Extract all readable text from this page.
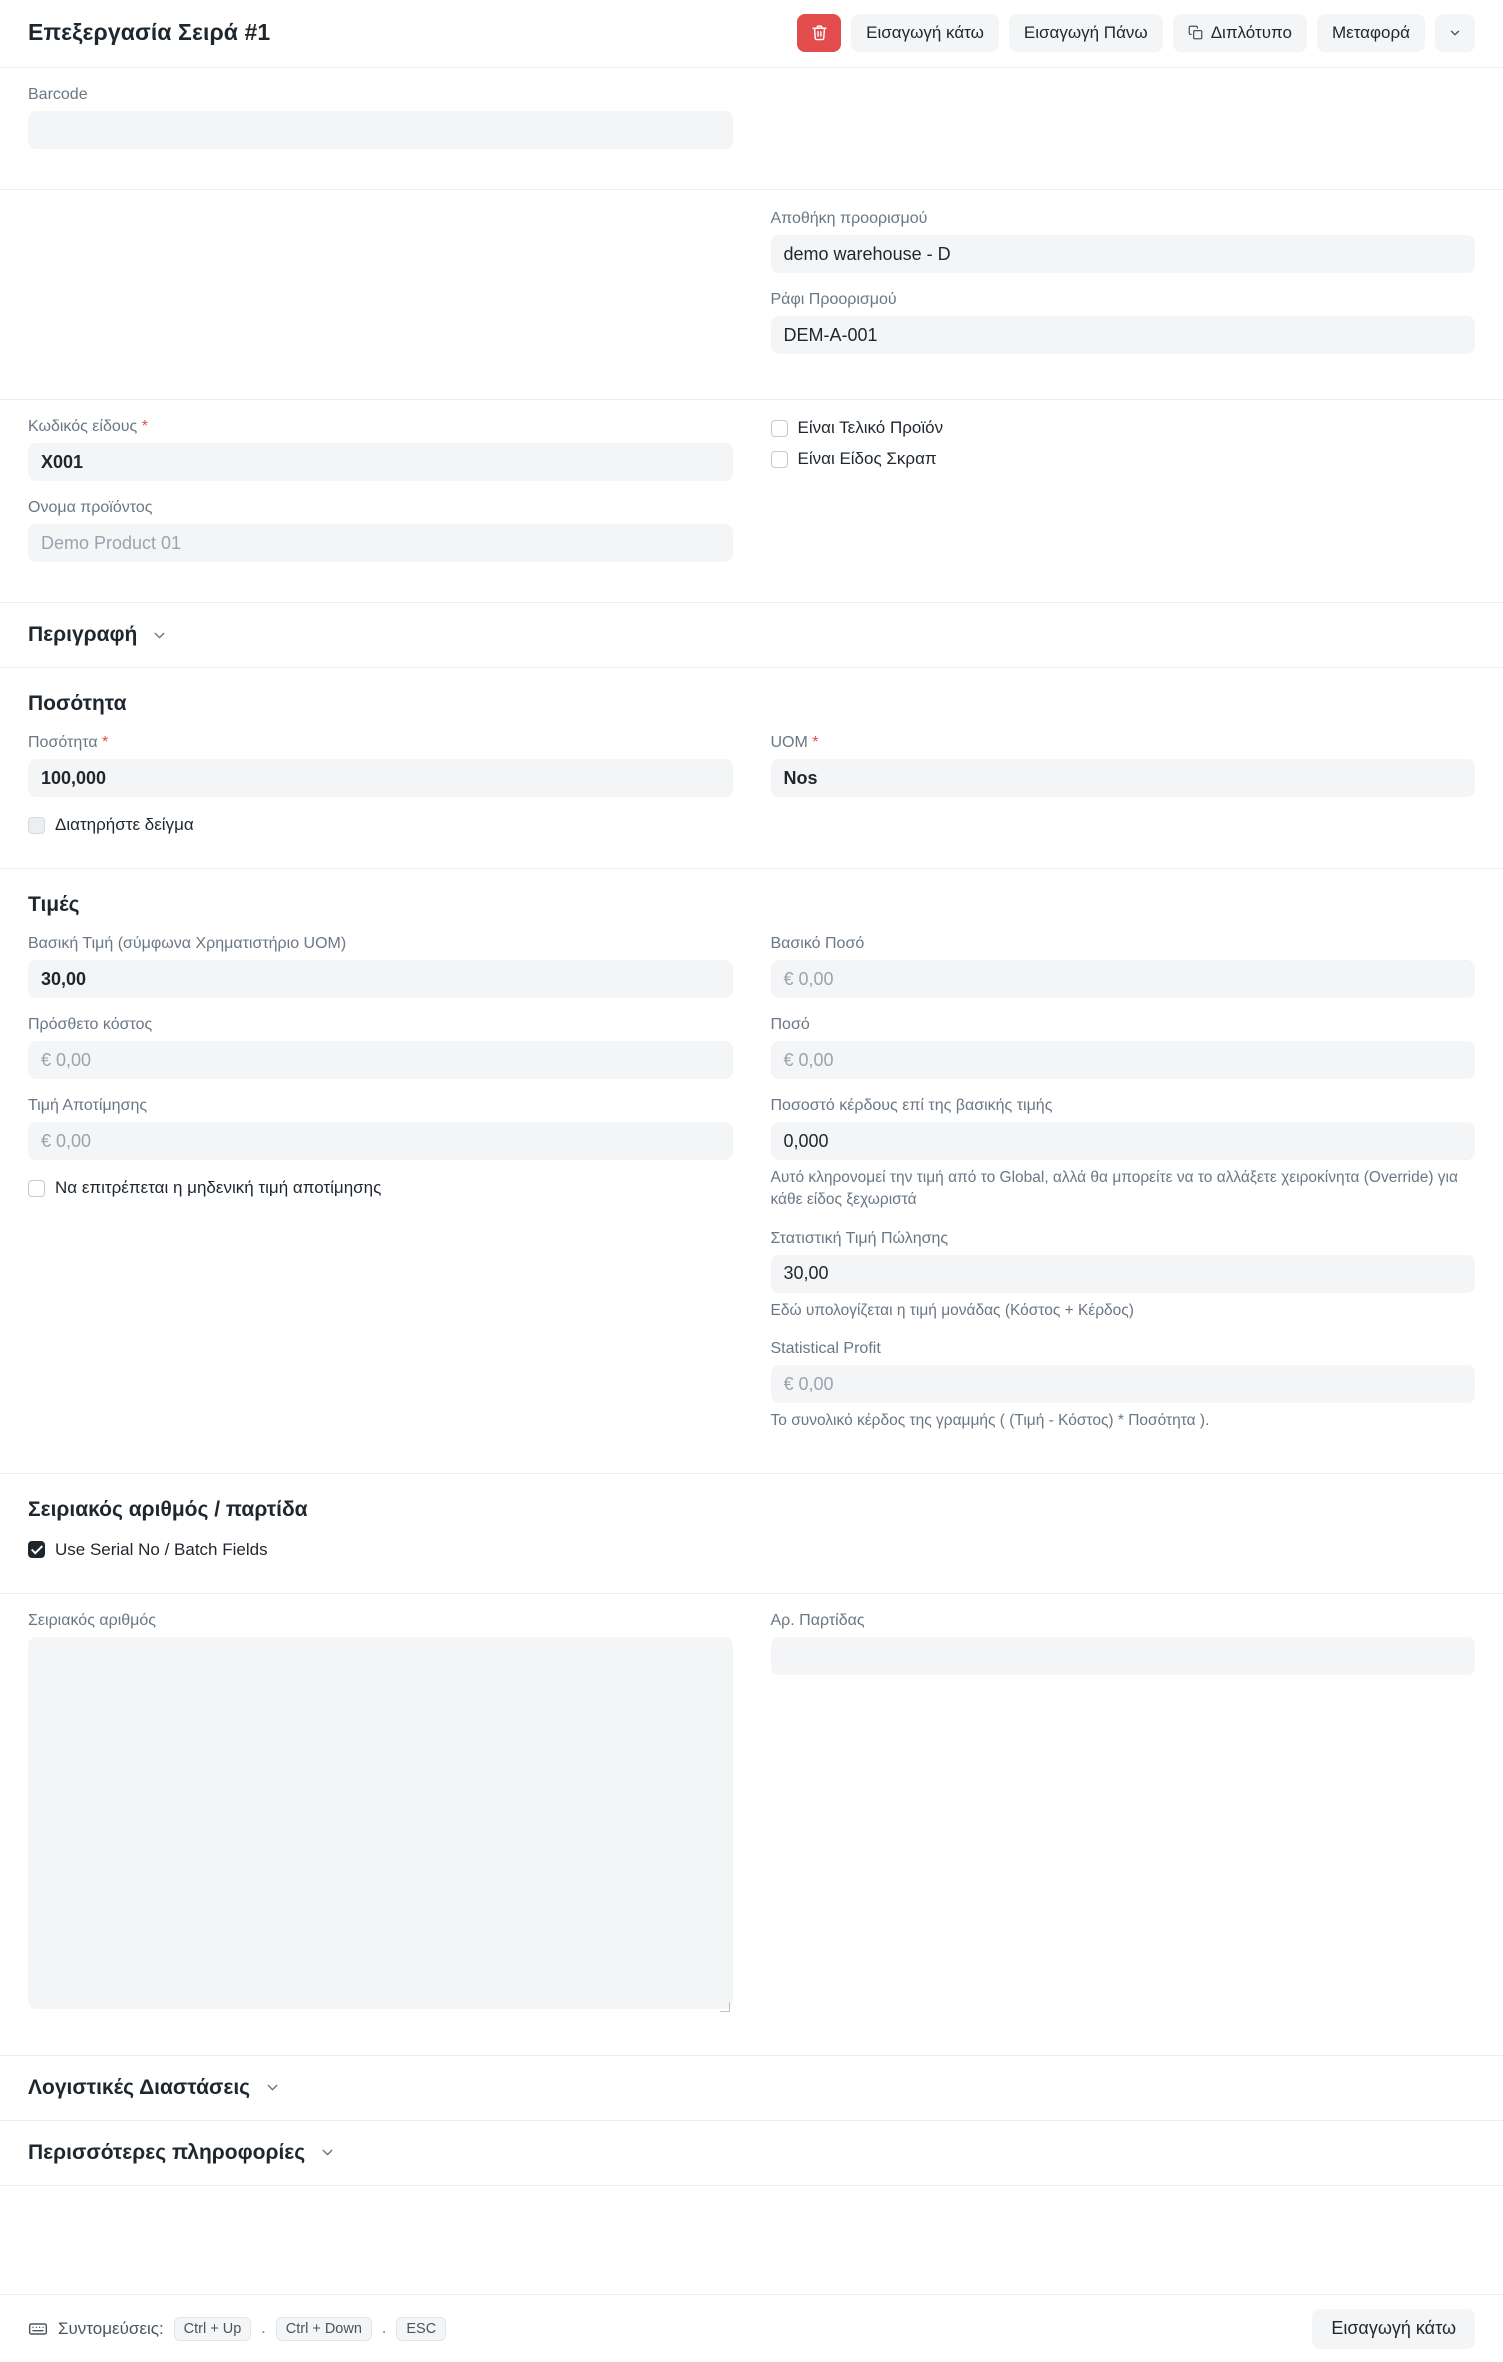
Επεξεργασία Σειρά #1	Εισαγωγή κάτω Εισαγωγή Πάνω	Διπλότυπο Μεταφορά
Barcode
Αποθήκη προορισμού
demo warehouse - D
Ράφι Προορισμού
DEM-A-001
Κωδικός είδους *
X001
Ονομα προϊόντος
Demo Product 01
Είναι Τελικό Προϊόν
Είναι Είδος Σκραπ
Περιγραφή
Ποσότητα
Ποσότητα *
100,000
Διατηρήστε δείγμα
UOM *
Nos
Τιμές
Βασική Τιμή (σύμφωνα Χρηματιστήριο UOM)
30,00
Πρόσθετο κόστος
€ 0,00
Τιμή Αποτίμησης
€ 0,00
Να επιτρέπεται η μηδενική τιμή αποτίμησης
Βασικό Ποσό
€ 0,00
Ποσό
€ 0,00
Ποσοστό κέρδους επί της βασικής τιμής
0,000
Αυτό κληρονομεί την τιμή από το Global, αλλά θα μπορείτε να το αλλάξετε χειροκίνητα (Override) για κάθε είδος ξεχωριστά
Στατιστική Τιμή Πώλησης
30,00
Εδώ υπολογίζεται η τιμή μονάδας (Κόστος + Κέρδος)
Statistical Profit
€ 0,00
Το συνολικό κέρδος της γραμμής ( (Τιμή - Κόστος) * Ποσότητα ).
Σειριακός αριθμός / παρτίδα
Use Serial No / Batch Fields
Σειριακός αριθμός	Αρ. Παρτίδας
Λογιστικές Διαστάσεις
Περισσότερες πληροφορίες
Συντομεύσεις:	Ctrl + Up	.	Ctrl + Down	.	ESC	Εισαγωγή κάτω
